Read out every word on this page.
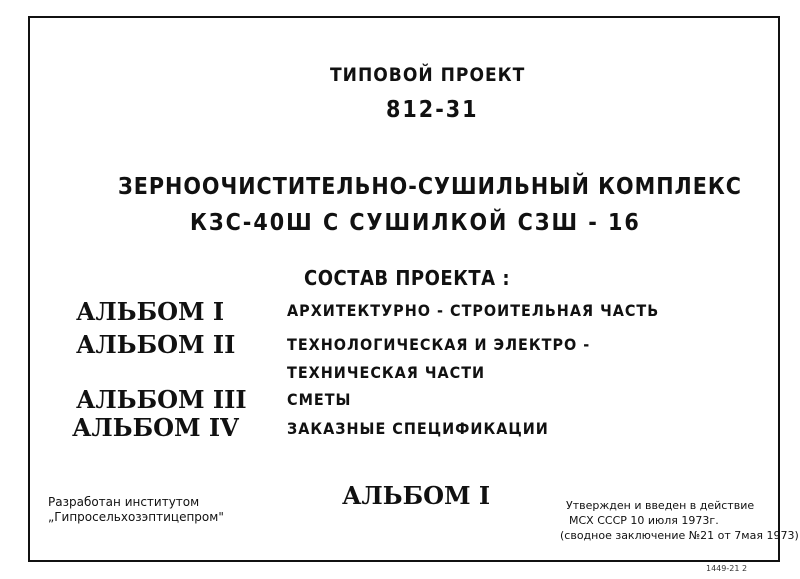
ТИПОВОЙ ПРОЕКТ
812-31
ЗЕРНООЧИСТИТЕЛЬНО-СУШИЛЬНЫЙ КОМПЛЕКС
КЗС-40Ш С СУШИЛКОЙ СЗШ - 16
СОСТАВ ПРОЕКТА :
АЛЬБОМ I	АРХИТЕКТУРНО - СТРОИТЕЛЬНАЯ ЧАСТЬ
АЛЬБОМ II	ТЕХНОЛОГИЧЕСКАЯ И ЭЛЕКТРО -
ТЕХНИЧЕСКАЯ ЧАСТИ
АЛЬБОМ III	СМЕТЫ
АЛЬБОМ IV	ЗАКАЗНЫЕ СПЕЦИФИКАЦИИ
АЛЬБОМ I
Разработан институтом
„Гипросельхозэптицепром"
Утвержден и введен в действие
МСХ СССР 10 июля 1973г.
(сводное заключение №21 от 7мая 1973)
1449-21 2
